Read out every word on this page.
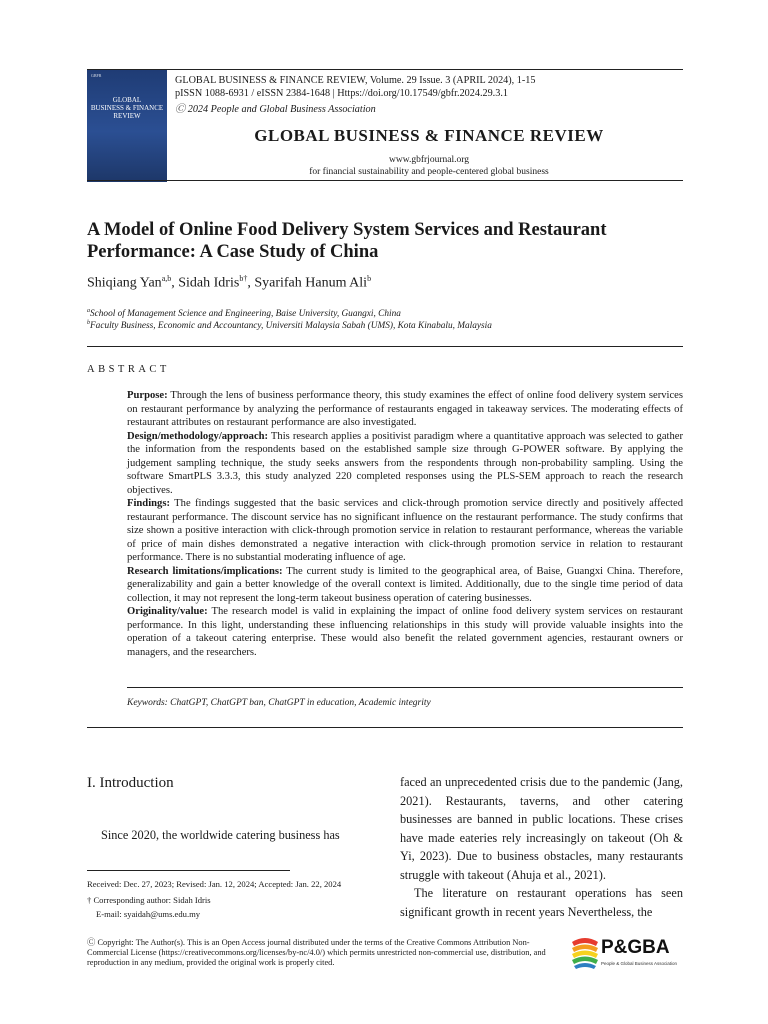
GBFR
GLOBAL
BUSINESS & FINANCE
REVIEW
GLOBAL BUSINESS & FINANCE REVIEW, Volume. 29 Issue. 3 (APRIL 2024), 1-15
pISSN 1088-6931 / eISSN 2384-1648 | Https://doi.org/10.17549/gbfr.2024.29.3.1
Ⓒ 2024 People and Global Business Association
GLOBAL BUSINESS & FINANCE REVIEW
www.gbfrjournal.org
for financial sustainability and people-centered global business
A Model of Online Food Delivery System Services and Restaurant Performance: A Case Study of China
Shiqiang Yan$^{a,b}$, Sidah Idris$^{b\dagger}$, Syarifah Hanum Ali$^b$
$^a$School of Management Science and Engineering, Baise University, Guangxi, China
$^b$Faculty Business, Economic and Accountancy, Universiti Malaysia Sabah (UMS), Kota Kinabalu, Malaysia
ABSTRACT

Purpose: Through the lens of business performance theory, this study examines the effect of online food delivery system services on restaurant performance by analyzing the performance of restaurants engaged in takeaway services. The moderating effects of restaurant attributes on restaurant performance are also investigated.

Design/methodology/approach: This research applies a positivist paradigm where a quantitative approach was selected to gather the information from the respondents based on the established sample size through G-POWER software. By applying the judgement sampling technique, the study seeks answers from the respondents through non-probability sampling. Using the software SmartPLS 3.3.3, this study analyzed 220 completed responses using the PLS-SEM approach to reach the research objectives.

Findings: The findings suggested that the basic services and click-through promotion service directly and positively affected restaurant performance. The discount service has no significant influence on the restaurant performance. The study confirms that size shown a positive interaction with click-through promotion service in relation to restaurant performance, whereas the variable of price of main dishes demonstrated a negative interaction with click-through promotion service in relation to restaurant performance. There is no substantial moderating influence of age.

Research limitations/implications: The current study is limited to the geographical area, of Baise, Guangxi China. Therefore, generalizability and gain a better knowledge of the overall context is limited. Additionally, due to the single time period of data collection, it may not represent the long-term takeout business operation of catering businesses.

Originality/value: The research model is valid in explaining the impact of online food delivery system services on restaurant performance. In this light, understanding these influencing relationships in this study will provide valuable insights into the operation of a takeout catering enterprise. These would also benefit the related government agencies, restaurant owners or managers, and the researchers.

Keywords: ChatGPT, ChatGPT ban, ChatGPT in education, Academic integrity
I. Introduction
Since 2020, the worldwide catering business has

faced an unprecedented crisis due to the pandemic (Jang, 2021). Restaurants, taverns, and other catering businesses are banned in public locations. These crises have made eateries rely increasingly on takeout (Oh & Yi, 2023). Due to business obstacles, many restaurants struggle with takeout (Ahuja et al., 2021).

The literature on restaurant operations has seen significant growth in recent years Nevertheless, the

Received: Dec. 27, 2023; Revised: Jan. 12, 2024; Accepted: Jan. 22, 2024
† Corresponding author: Sidah Idris
E-mail: syaidah@ums.edu.my
Ⓒ Copyright: The Author(s). This is an Open Access journal distributed under the terms of the Creative Commons Attribution Non-Commercial License (https://creativecommons.org/licenses/by-nc/4.0/) which permits unrestricted non-commercial use, distribution, and reproduction in any medium, provided the original work is properly cited.
P&GBA
People & Global Business Association
